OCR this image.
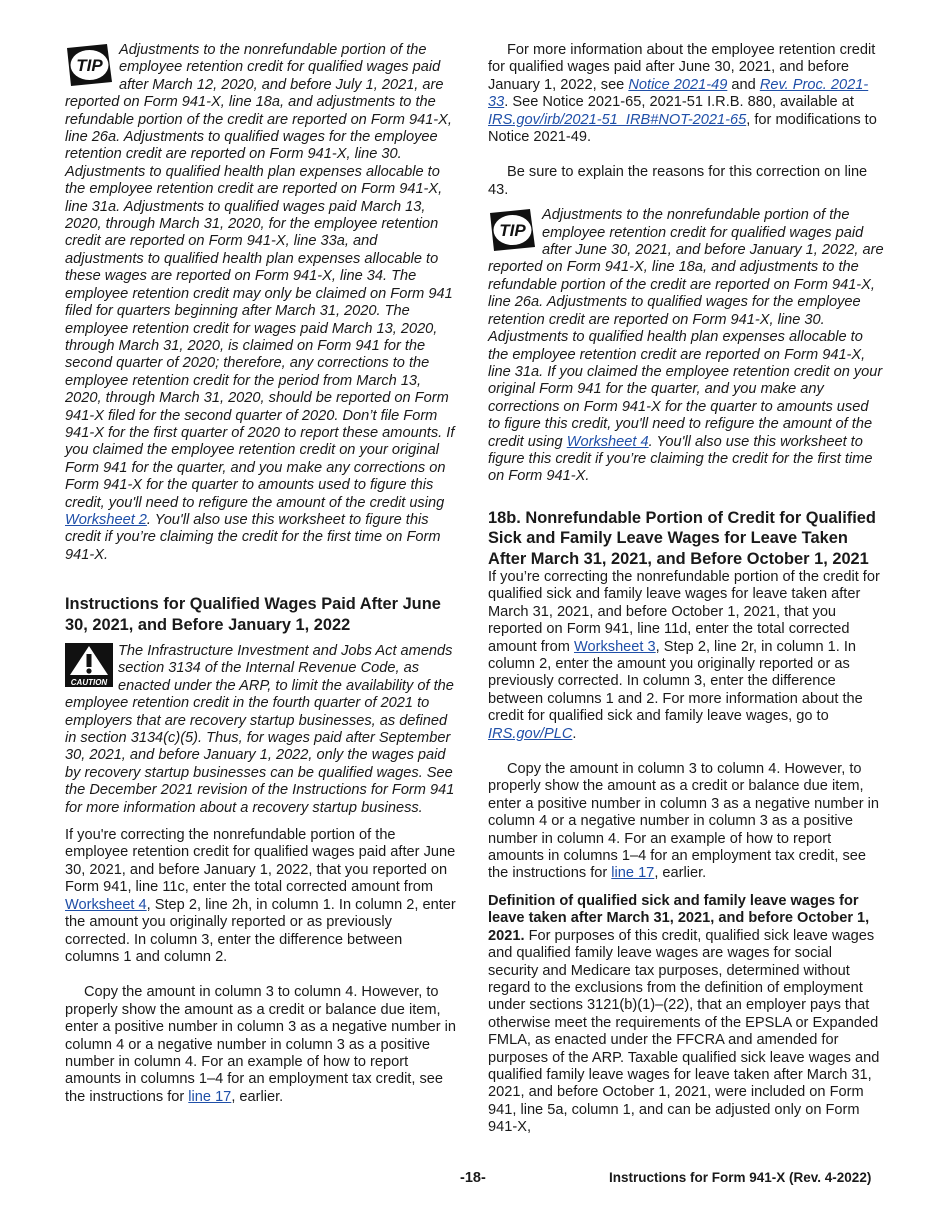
TIP
Adjustments to the nonrefundable portion of the employee retention credit for qualified wages paid after March 12, 2020, and before July 1, 2021, are reported on Form 941-X, line 18a, and adjustments to the refundable portion of the credit are reported on Form 941-X, line 26a. Adjustments to qualified wages for the employee retention credit are reported on Form 941-X, line 30. Adjustments to qualified health plan expenses allocable to the employee retention credit are reported on Form 941-X, line 31a. Adjustments to qualified wages paid March 13, 2020, through March 31, 2020, for the employee retention credit are reported on Form 941-X, line 33a, and adjustments to qualified health plan expenses allocable to these wages are reported on Form 941-X, line 34. The employee retention credit may only be claimed on Form 941 filed for quarters beginning after March 31, 2020. The employee retention credit for wages paid March 13, 2020, through March 31, 2020, is claimed on Form 941 for the second quarter of 2020; therefore, any corrections to the employee retention credit for the period from March 13, 2020, through March 31, 2020, should be reported on Form 941-X filed for the second quarter of 2020. Don’t file Form 941-X for the first quarter of 2020 to report these amounts. If you claimed the employee retention credit on your original Form 941 for the quarter, and you make any corrections on Form 941-X for the quarter to amounts used to figure this credit, you'll need to refigure the amount of the credit using Worksheet 2. You'll also use this worksheet to figure this credit if you’re claiming the credit for the first time on Form 941-X.
Instructions for Qualified Wages Paid After June 30, 2021, and Before January 1, 2022
CAUTION
The Infrastructure Investment and Jobs Act amends section 3134 of the Internal Revenue Code, as enacted under the ARP, to limit the availability of the employee retention credit in the fourth quarter of 2021 to employers that are recovery startup businesses, as defined in section 3134(c)(5). Thus, for wages paid after September 30, 2021, and before January 1, 2022, only the wages paid by recovery startup businesses can be qualified wages. See the December 2021 revision of the Instructions for Form 941 for more information about a recovery startup business.

If you're correcting the nonrefundable portion of the employee retention credit for qualified wages paid after June 30, 2021, and before January 1, 2022, that you reported on Form 941, line 11c, enter the total corrected amount from Worksheet 4, Step 2, line 2h, in column 1. In column 2, enter the amount you originally reported or as previously corrected. In column 3, enter the difference between columns 1 and column 2.

Copy the amount in column 3 to column 4. However, to properly show the amount as a credit or balance due item, enter a positive number in column 3 as a negative number in column 4 or a negative number in column 3 as a positive number in column 4. For an example of how to report amounts in columns 1–4 for an employment tax credit, see the instructions for line 17, earlier.

For more information about the employee retention credit for qualified wages paid after June 30, 2021, and before January 1, 2022, see Notice 2021-49 and Rev. Proc. 2021-33. See Notice 2021-65, 2021-51 I.R.B. 880, available at IRS.gov/irb/2021-51_IRB#NOT-2021-65, for modifications to Notice 2021-49.

Be sure to explain the reasons for this correction on line 43.

TIP
Adjustments to the nonrefundable portion of the employee retention credit for qualified wages paid after June 30, 2021, and before January 1, 2022, are reported on Form 941-X, line 18a, and adjustments to the refundable portion of the credit are reported on Form 941-X, line 26a. Adjustments to qualified wages for the employee retention credit are reported on Form 941-X, line 30. Adjustments to qualified health plan expenses allocable to the employee retention credit are reported on Form 941-X, line 31a. If you claimed the employee retention credit on your original Form 941 for the quarter, and you make any corrections on Form 941-X for the quarter to amounts used to figure this credit, you'll need to refigure the amount of the credit using Worksheet 4. You'll also use this worksheet to figure this credit if you’re claiming the credit for the first time on Form 941-X.
18b. Nonrefundable Portion of Credit for Qualified Sick and Family Leave Wages for Leave Taken After March 31, 2021, and Before October 1, 2021

If you’re correcting the nonrefundable portion of the credit for qualified sick and family leave wages for leave taken after March 31, 2021, and before October 1, 2021, that you reported on Form 941, line 11d, enter the total corrected amount from Worksheet 3, Step 2, line 2r, in column 1. In column 2, enter the amount you originally reported or as previously corrected. In column 3, enter the difference between columns 1 and 2. For more information about the credit for qualified sick and family leave wages, go to IRS.gov/PLC.

Copy the amount in column 3 to column 4. However, to properly show the amount as a credit or balance due item, enter a positive number in column 3 as a negative number in column 4 or a negative number in column 3 as a positive number in column 4. For an example of how to report amounts in columns 1–4 for an employment tax credit, see the instructions for line 17, earlier.

Definition of qualified sick and family leave wages for leave taken after March 31, 2021, and before October 1, 2021. For purposes of this credit, qualified sick leave wages and qualified family leave wages are wages for social security and Medicare tax purposes, determined without regard to the exclusions from the definition of employment under sections 3121(b)(1)–(22), that an employer pays that otherwise meet the requirements of the EPSLA or Expanded FMLA, as enacted under the FFCRA and amended for purposes of the ARP. Taxable qualified sick leave wages and qualified family leave wages for leave taken after March 31, 2021, and before October 1, 2021, were included on Form 941, line 5a, column 1, and can be adjusted only on Form 941-X,

-18-	Instructions for Form 941-X (Rev. 4-2022)
